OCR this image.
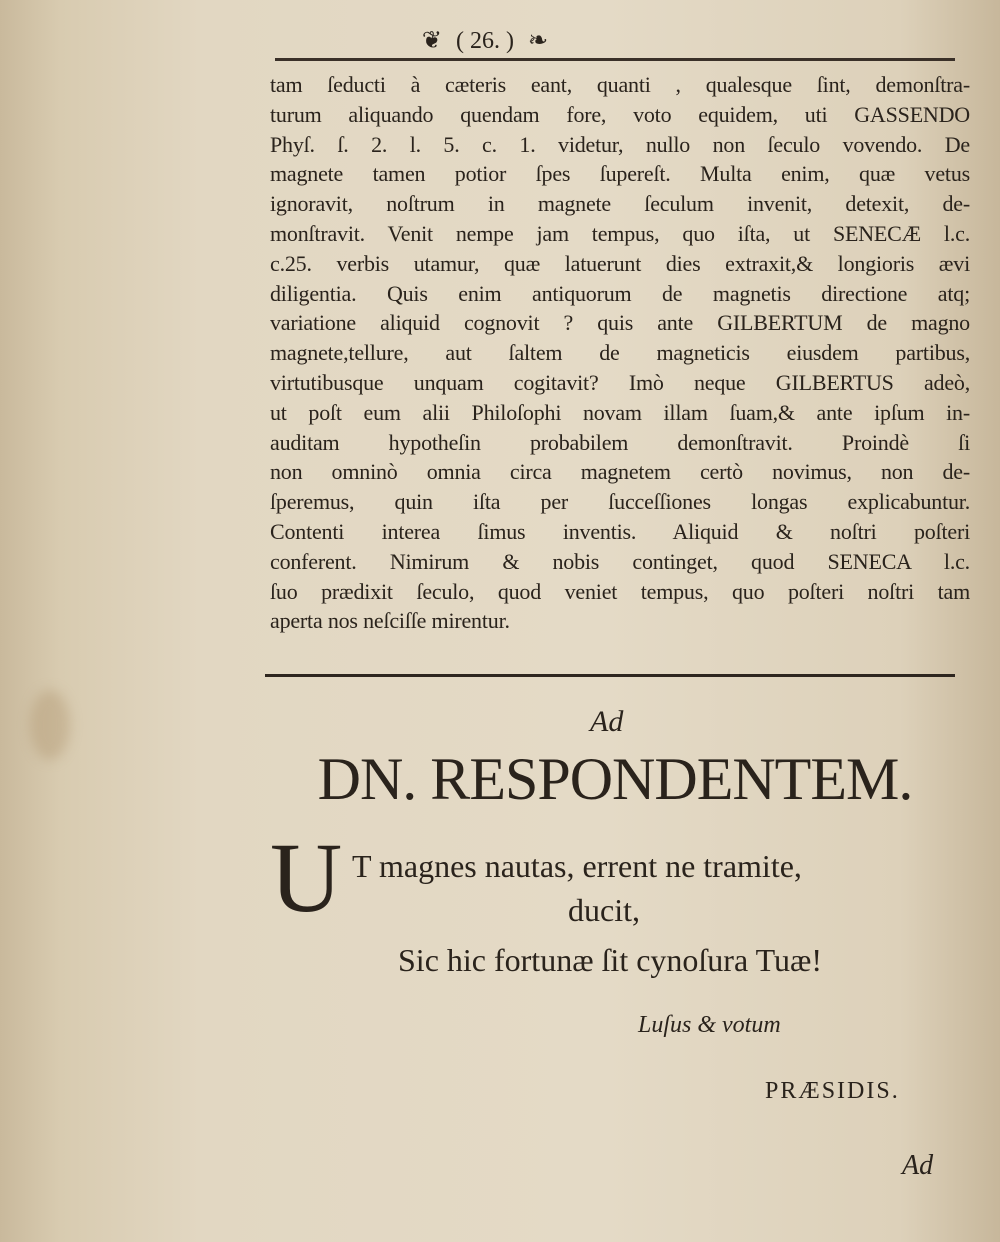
❦ ( 26. ) ❧
tam ſeducti à cæteris eant, quanti , qualesque ſint, demonſtra-
turum aliquando quendam fore, voto equidem, uti GASSENDO
Phyſ. ſ. 2. l. 5. c. 1. videtur, nullo non ſeculo vovendo. De
magnete tamen potior ſpes ſupereſt. Multa enim, quæ vetus
ignoravit, noſtrum in magnete ſeculum invenit, detexit, de-
monſtravit. Venit nempe jam tempus, quo iſta, ut SENECÆ l.c.
c.25. verbis utamur, quæ latuerunt dies extraxit,& longioris ævi
diligentia. Quis enim antiquorum de magnetis directione atq;
variatione aliquid cognovit ? quis ante GILBERTUM de magno
magnete,tellure, aut ſaltem de magneticis eiusdem partibus,
virtutibusque unquam cogitavit? Imò neque GILBERTUS adeò,
ut poſt eum alii Philoſophi novam illam ſuam,& ante ipſum in-
auditam hypotheſin probabilem demonſtravit. Proindè ſi
non omninò omnia circa magnetem certò novimus, non de-
ſperemus, quin iſta per ſucceſſiones longas explicabuntur.
Contenti interea ſimus inventis. Aliquid & noſtri poſteri
conferent. Nimirum & nobis continget, quod SENECA l.c.
ſuo prædixit ſeculo, quod veniet tempus, quo poſteri noſtri tam
aperta nos neſciſſe mirentur.
Ad
DN. RESPONDENTEM.
U T magnes nautas, errent ne tramite,
ducit,
Sic hic fortunæ ſit cynoſura Tuæ!
Luſus & votum
PRÆSIDIS.
Ad
